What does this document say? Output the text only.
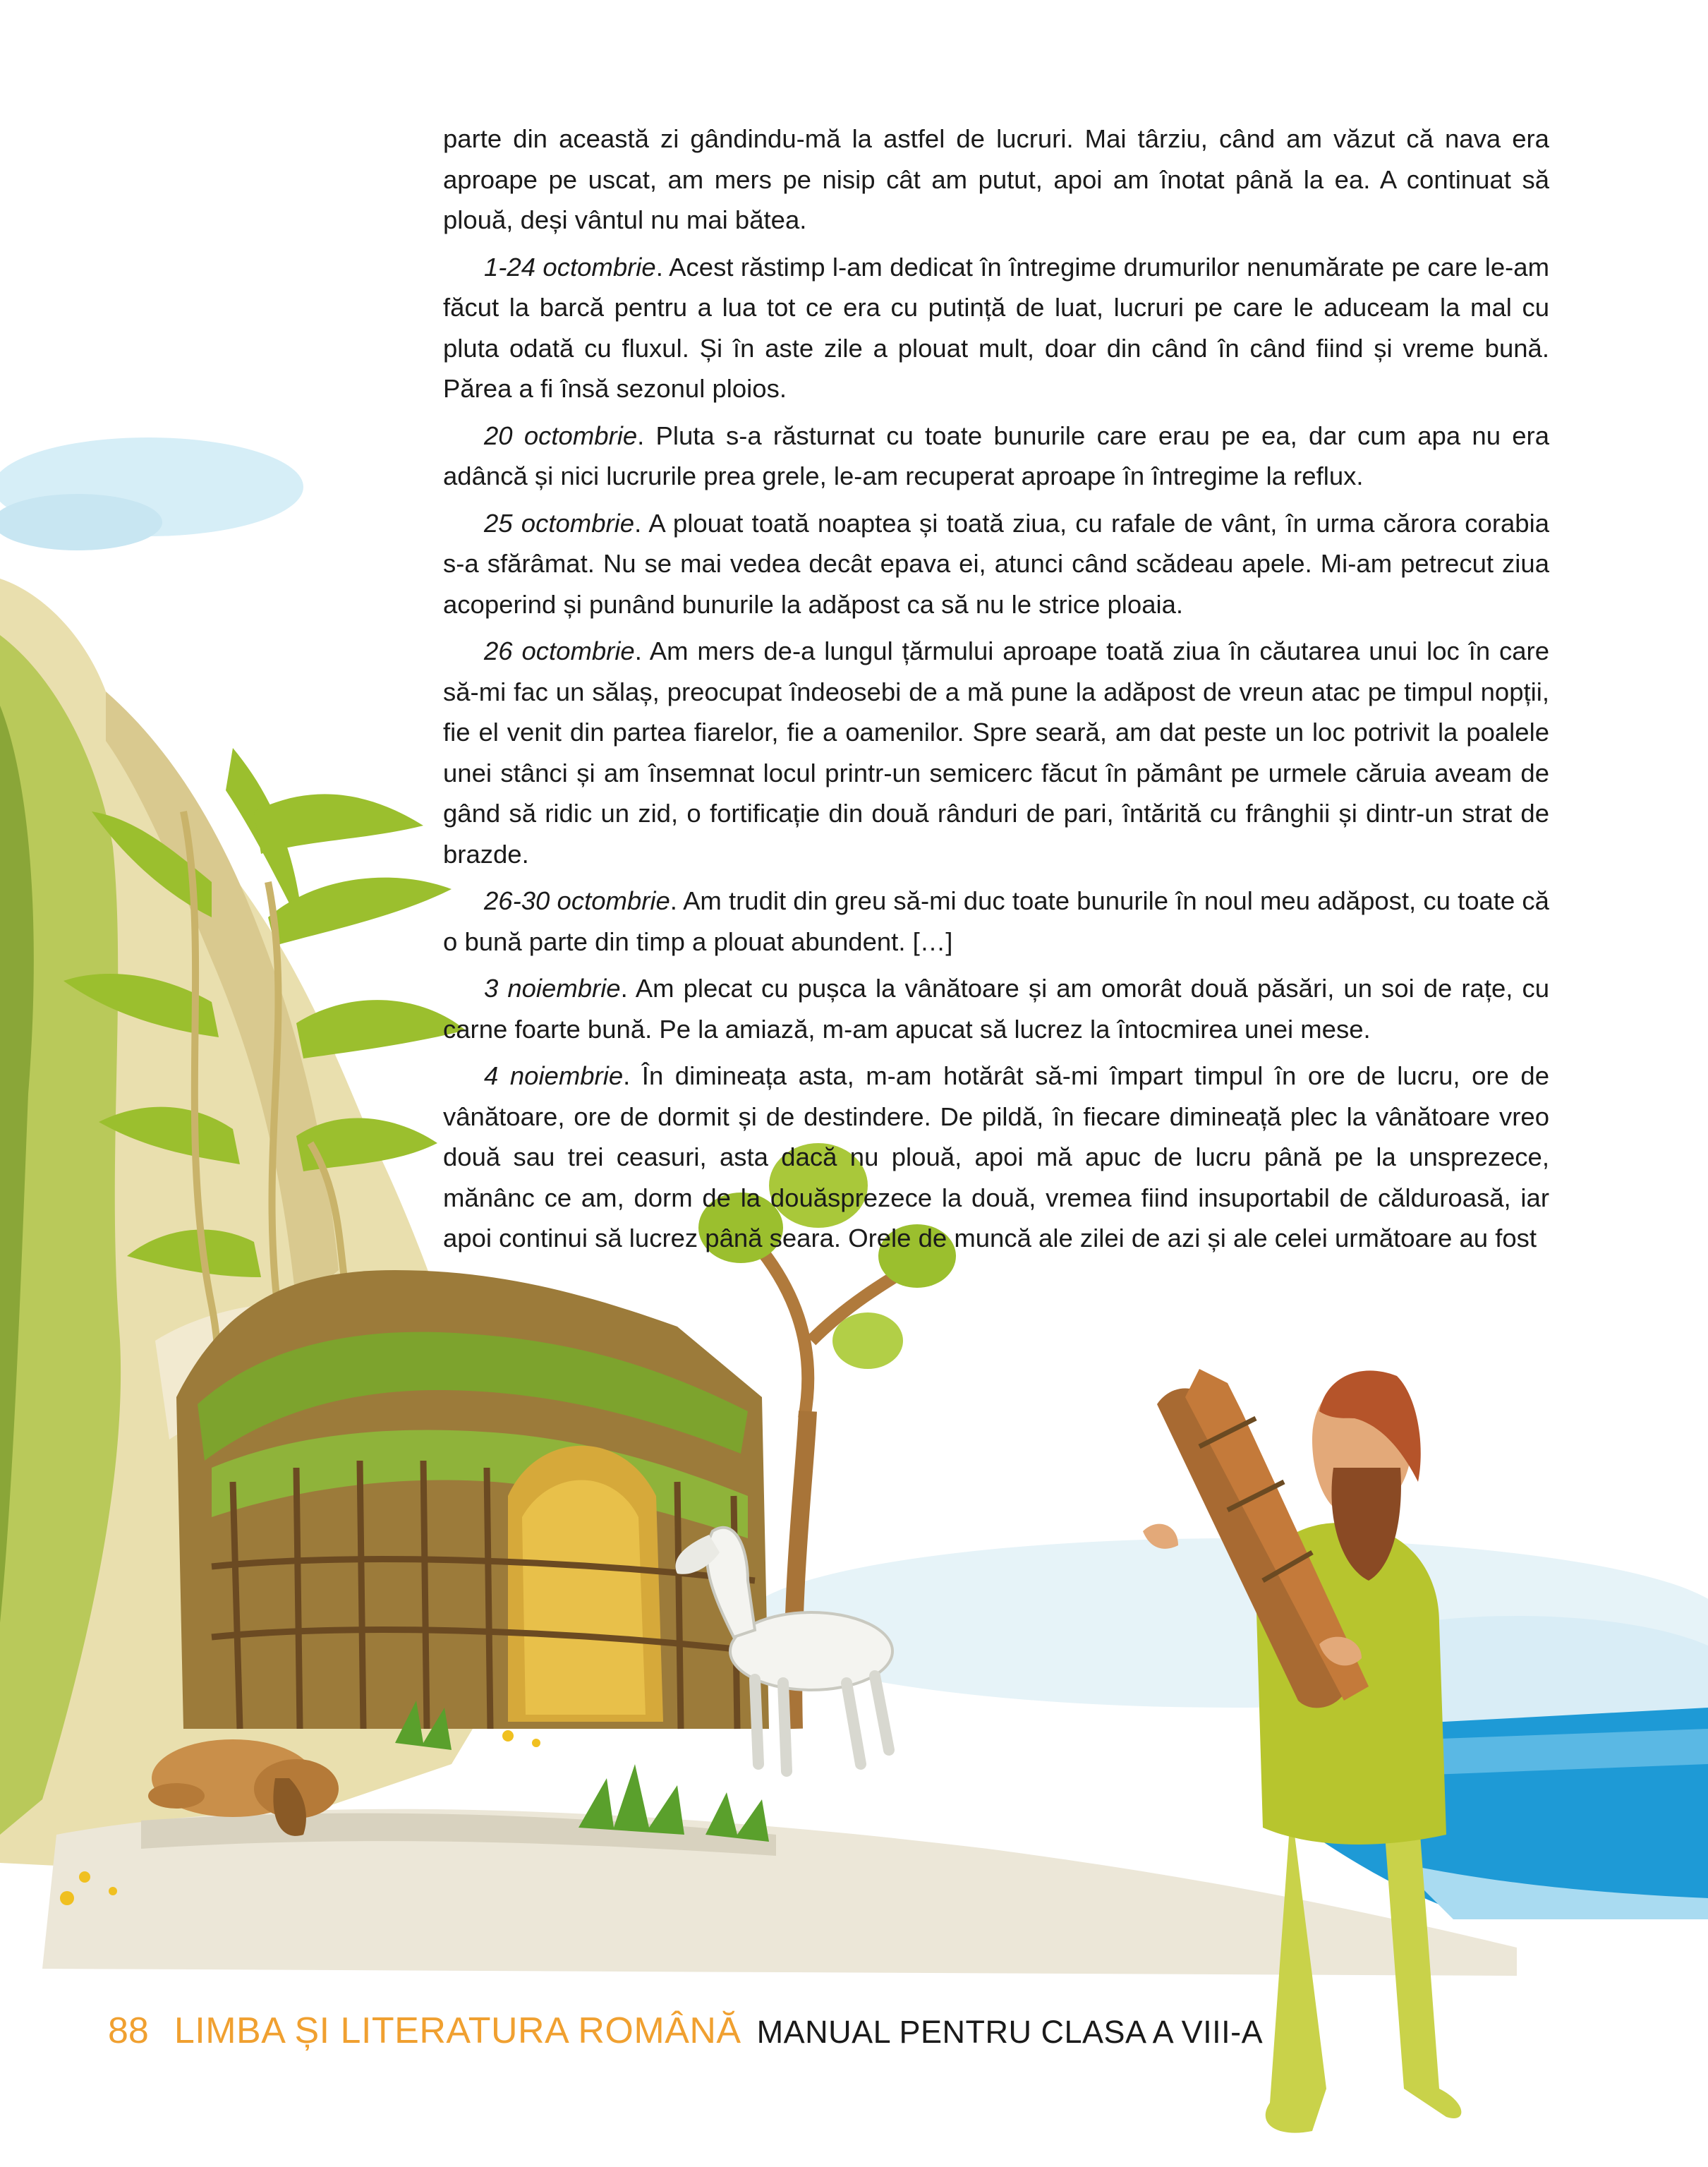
parte din această zi gândindu-mă la astfel de lucruri. Mai târziu, când am văzut că nava era aproape pe uscat, am mers pe nisip cât am putut, apoi am înotat până la ea. A continuat să plouă, deși vântul nu mai bătea.

1-24 octombrie. Acest răstimp l-am dedicat în întregime drumurilor nenumărate pe care le-am făcut la barcă pentru a lua tot ce era cu putință de luat, lucruri pe care le aduceam la mal cu pluta odată cu fluxul. Și în aste zile a plouat mult, doar din când în când fiind și vreme bună. Părea a fi însă sezonul ploios.

20 octombrie. Pluta s-a răsturnat cu toate bunurile care erau pe ea, dar cum apa nu era adâncă și nici lucrurile prea grele, le-am recuperat aproape în întregime la reflux.

25 octombrie. A plouat toată noaptea și toată ziua, cu rafale de vânt, în urma cărora corabia s-a sfărâmat. Nu se mai vedea decât epava ei, atunci când scădeau apele. Mi-am petrecut ziua acoperind și punând bunurile la adăpost ca să nu le strice ploaia.

26 octombrie. Am mers de-a lungul țărmului aproape toată ziua în căutarea unui loc în care să-mi fac un sălaș, preocupat îndeosebi de a mă pune la adăpost de vreun atac pe timpul nopții, fie el venit din partea fiarelor, fie a oamenilor. Spre seară, am dat peste un loc potrivit la poalele unei stânci și am însemnat locul printr-un semicerc făcut în pământ pe urmele căruia aveam de gând să ridic un zid, o fortificație din două rânduri de pari, întărită cu frânghii și dintr-un strat de brazde.

26-30 octombrie. Am trudit din greu să-mi duc toate bunurile în noul meu adăpost, cu toate că o bună parte din timp a plouat abundent. […]

3 noiembrie. Am plecat cu pușca la vânătoare și am omorât două păsări, un soi de rațe, cu carne foarte bună. Pe la amiază, m-am apucat să lucrez la întocmirea unei mese.

4 noiembrie. În dimineața asta, m-am hotărât să-mi împart timpul în ore de lucru, ore de vânătoare, ore de dormit și de destindere. De pildă, în fiecare dimineață plec la vânătoare vreo două sau trei ceasuri, asta dacă nu plouă, apoi mă apuc de lucru până pe la unsprezece, mănânc ce am, dorm de la douăsprezece la două, vremea fiind insuportabil de călduroasă, iar apoi continui să lucrez până seara. Orele de muncă ale zilei de azi și ale celei următoare au fost

88 LIMBA ȘI LITERATURA ROMÂNĂ MANUAL PENTRU CLASA A VIII-A
